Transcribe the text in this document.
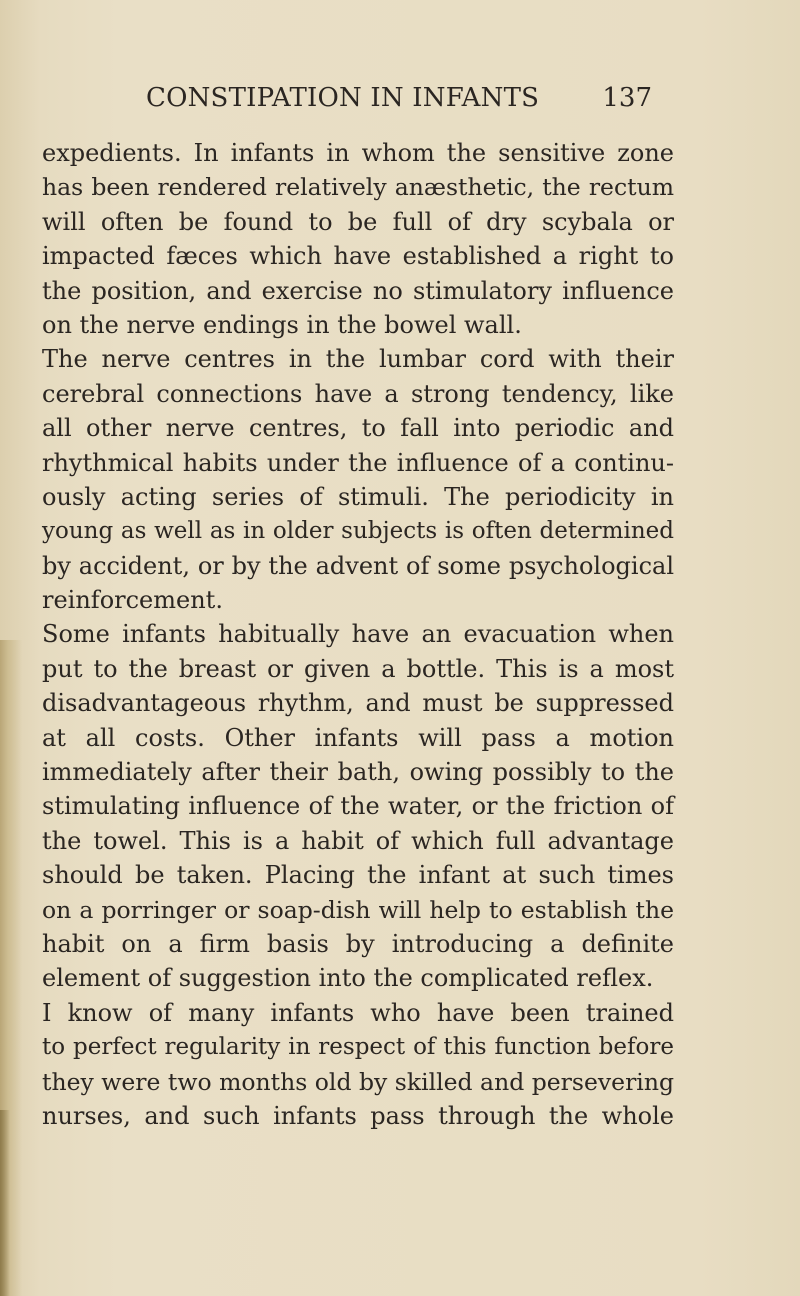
CONSTIPATION IN INFANTS 137
expedients. In infants in whom the sensitive zone
has been rendered relatively anæsthetic, the rectum
will often be found to be full of dry scybala or
impacted fæces which have established a right to
the position, and exercise no stimulatory influence
on the nerve endings in the bowel wall.
The nerve centres in the lumbar cord with their
cerebral connections have a strong tendency, like
all other nerve centres, to fall into periodic and
rhythmical habits under the influence of a continu-
ously acting series of stimuli. The periodicity in
young as well as in older subjects is often determined
by accident, or by the advent of some psychological
reinforcement.
Some infants habitually have an evacuation when
put to the breast or given a bottle. This is a most
disadvantageous rhythm, and must be suppressed
at all costs. Other infants will pass a motion
immediately after their bath, owing possibly to the
stimulating influence of the water, or the friction of
the towel. This is a habit of which full advantage
should be taken. Placing the infant at such times
on a porringer or soap-dish will help to establish the
habit on a firm basis by introducing a definite
element of suggestion into the complicated reflex.
I know of many infants who have been trained
to perfect regularity in respect of this function before
they were two months old by skilled and persevering
nurses, and such infants pass through the whole
